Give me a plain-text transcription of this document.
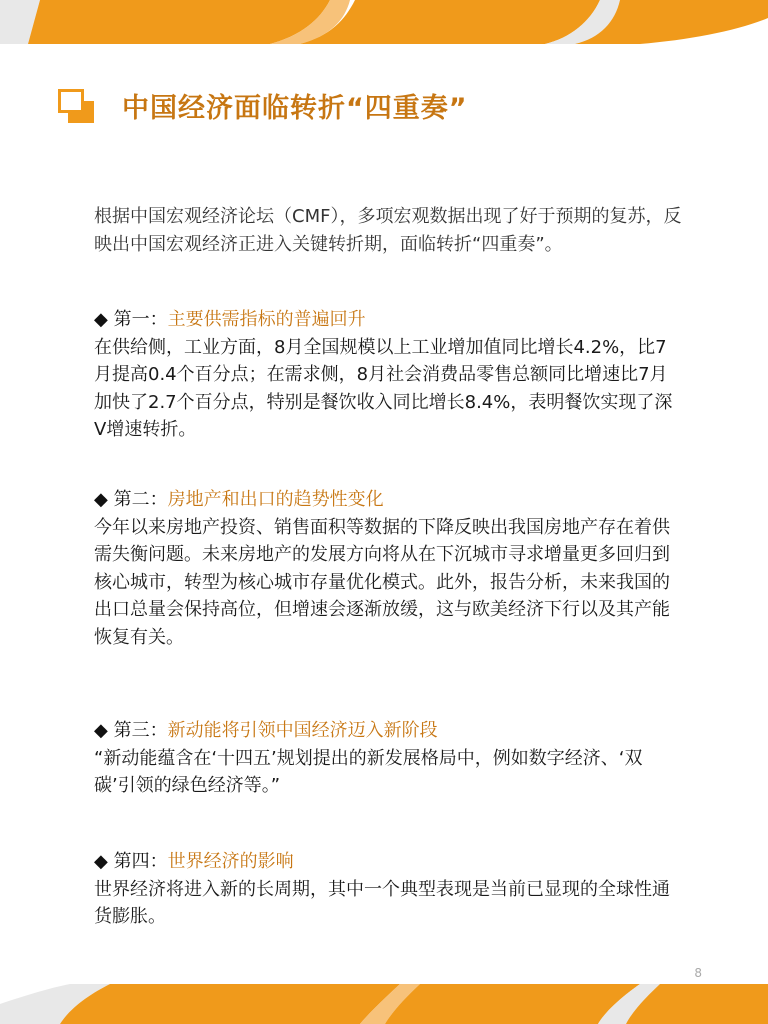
中国经济面临转折“四重奏”

根据中国宏观经济论坛（CMF），多项宏观数据出现了好于预期的复苏，反映出中国宏观经济正进入关键转折期，面临转折“四重奏”。

◆ 第一：主要供需指标的普遍回升

在供给侧，工业方面，8月全国规模以上工业增加值同比增长4.2%，比7月提高0.4个百分点；在需求侧，8月社会消费品零售总额同比增速比7月加快了2.7个百分点，特别是餐饮收入同比增长8.4%，表明餐饮实现了深V增速转折。

◆ 第二：房地产和出口的趋势性变化

今年以来房地产投资、销售面积等数据的下降反映出我国房地产存在着供需失衡问题。未来房地产的发展方向将从在下沉城市寻求增量更多回归到核心城市，转型为核心城市存量优化模式。此外，报告分析，未来我国的出口总量会保持高位，但增速会逐渐放缓，这与欧美经济下行以及其产能恢复有关。

◆ 第三：新动能将引领中国经济迈入新阶段

“新动能蕴含在‘十四五’规划提出的新发展格局中，例如数字经济、‘双碳’引领的绿色经济等。”

◆ 第四：世界经济的影响

世界经济将进入新的长周期，其中一个典型表现是当前已显现的全球性通货膨胀。

8
